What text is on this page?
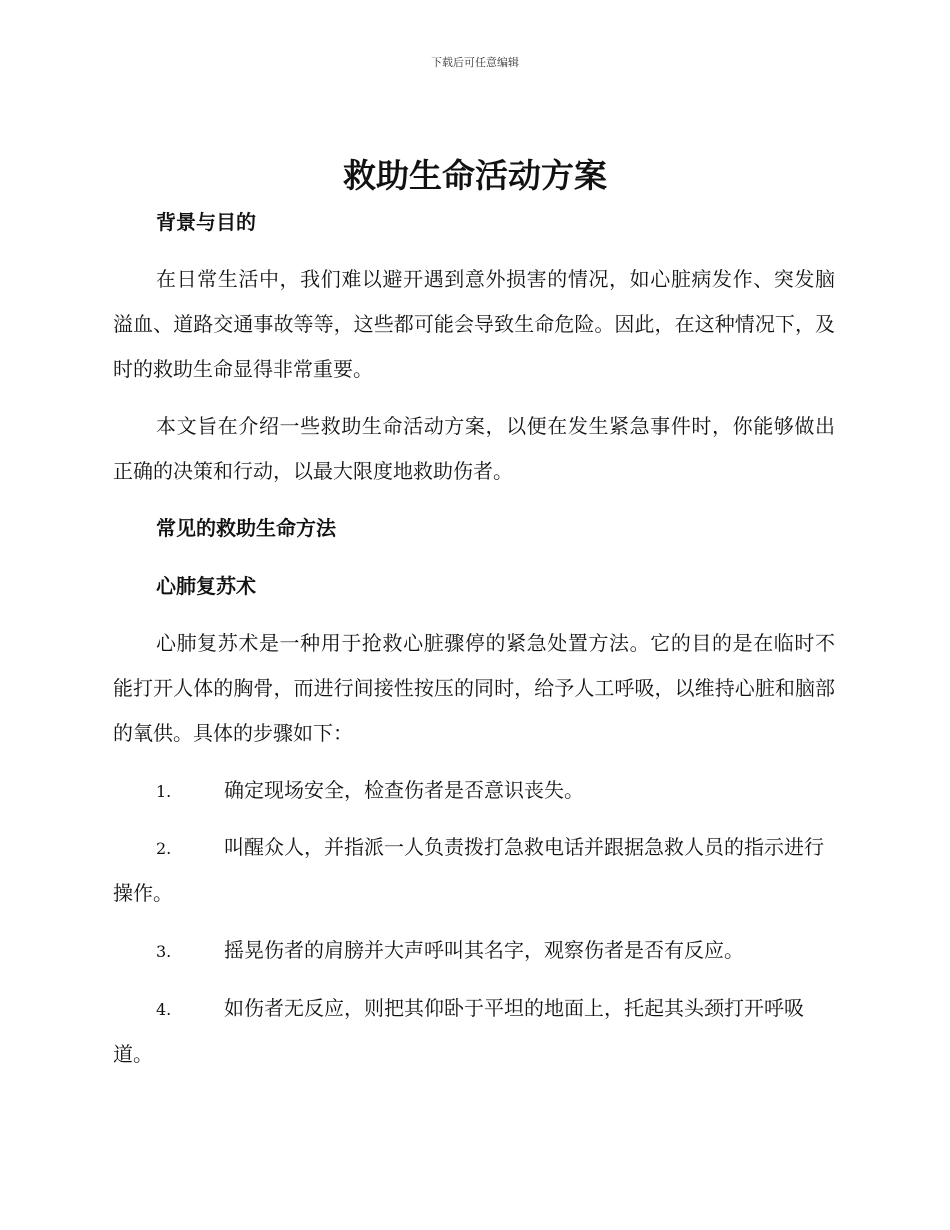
下载后可任意编辑
救助生命活动方案

背景与目的

在日常生活中，我们难以避开遇到意外损害的情况，如心脏病发作、突发脑溢血、道路交通事故等等，这些都可能会导致生命危险。因此，在这种情况下，及时的救助生命显得非常重要。

本文旨在介绍一些救助生命活动方案，以便在发生紧急事件时，你能够做出正确的决策和行动，以最大限度地救助伤者。

常见的救助生命方法

心肺复苏术

心肺复苏术是一种用于抢救心脏骤停的紧急处置方法。它的目的是在临时不能打开人体的胸骨，而进行间接性按压的同时，给予人工呼吸，以维持心脏和脑部的氧供。具体的步骤如下：

1.	确定现场安全，检查伤者是否意识丧失。

2.	叫醒众人，并指派一人负责拨打急救电话并跟据急救人员的指示进行操作。

3.	摇晃伤者的肩膀并大声呼叫其名字，观察伤者是否有反应。

4.	如伤者无反应，则把其仰卧于平坦的地面上，托起其头颈打开呼吸道。
